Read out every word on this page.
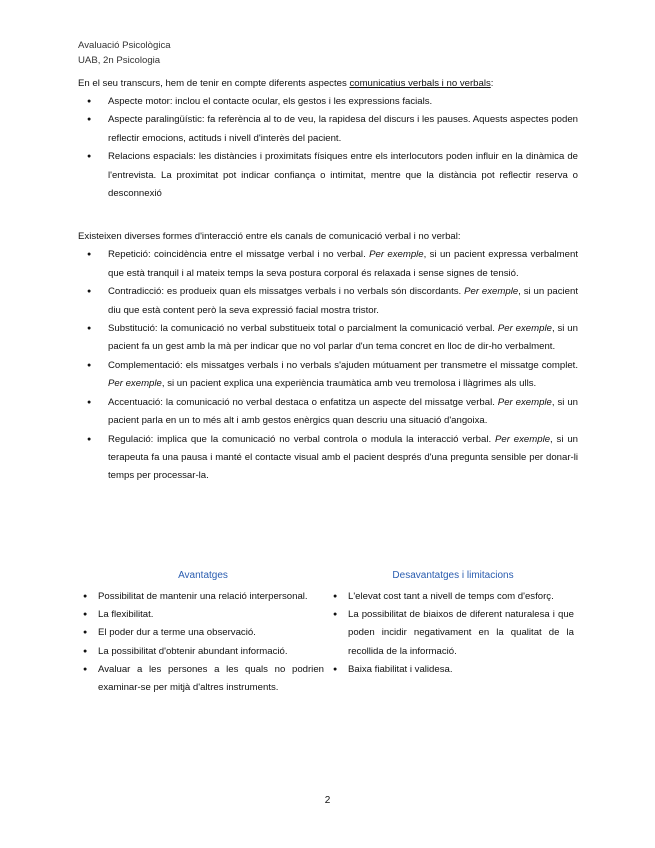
Avaluació Psicològica
UAB, 2n Psicologia

En el seu transcurs, hem de tenir en compte diferents aspectes comunicatius verbals i no verbals:

● Aspecte motor: inclou el contacte ocular, els gestos i les expressions facials.
● Aspecte paralingüístic: fa referència al to de veu, la rapidesa del discurs i les pauses. Aquests aspectes poden reflectir emocions, actituds i nivell d'interès del pacient.
● Relacions espacials: les distàncies i proximitats físiques entre els interlocutors poden influir en la dinàmica de l'entrevista. La proximitat pot indicar confiança o intimitat, mentre que la distància pot reflectir reserva o desconnexió

Existeixen diverses formes d'interacció entre els canals de comunicació verbal i no verbal:

● Repetició: coincidència entre el missatge verbal i no verbal. Per exemple, si un pacient expressa verbalment que està tranquil i al mateix temps la seva postura corporal és relaxada i sense signes de tensió.
● Contradicció: es produeix quan els missatges verbals i no verbals són discordants. Per exemple, si un pacient diu que està content però la seva expressió facial mostra tristor.
● Substitució: la comunicació no verbal substitueix total o parcialment la comunicació verbal. Per exemple, si un pacient fa un gest amb la mà per indicar que no vol parlar d'un tema concret en lloc de dir-ho verbalment.
● Complementació: els missatges verbals i no verbals s'ajuden mútuament per transmetre el missatge complet. Per exemple, si un pacient explica una experiència traumàtica amb veu tremolosa i llàgrimes als ulls.
● Accentuació: la comunicació no verbal destaca o enfatitza un aspecte del missatge verbal. Per exemple, si un pacient parla en un to més alt i amb gestos enèrgics quan descriu una situació d'angoixa.
● Regulació: implica que la comunicació no verbal controla o modula la interacció verbal. Per exemple, si un terapeuta fa una pausa i manté el contacte visual amb el pacient després d'una pregunta sensible per donar-li temps per processar-la.
Avantatges
● Possibilitat de mantenir una relació interpersonal.
● La flexibilitat.
● El poder dur a terme una observació.
● La possibilitat d'obtenir abundant informació.
● Avaluar a les persones a les quals no podrien examinar-se per mitjà d'altres instruments.
Desavantatges i limitacions
● L'elevat cost tant a nivell de temps com d'esforç.
● La possibilitat de biaixos de diferent naturalesa i que poden incidir negativament en la qualitat de la recollida de la informació.
● Baixa fiabilitat i validesa.
2
